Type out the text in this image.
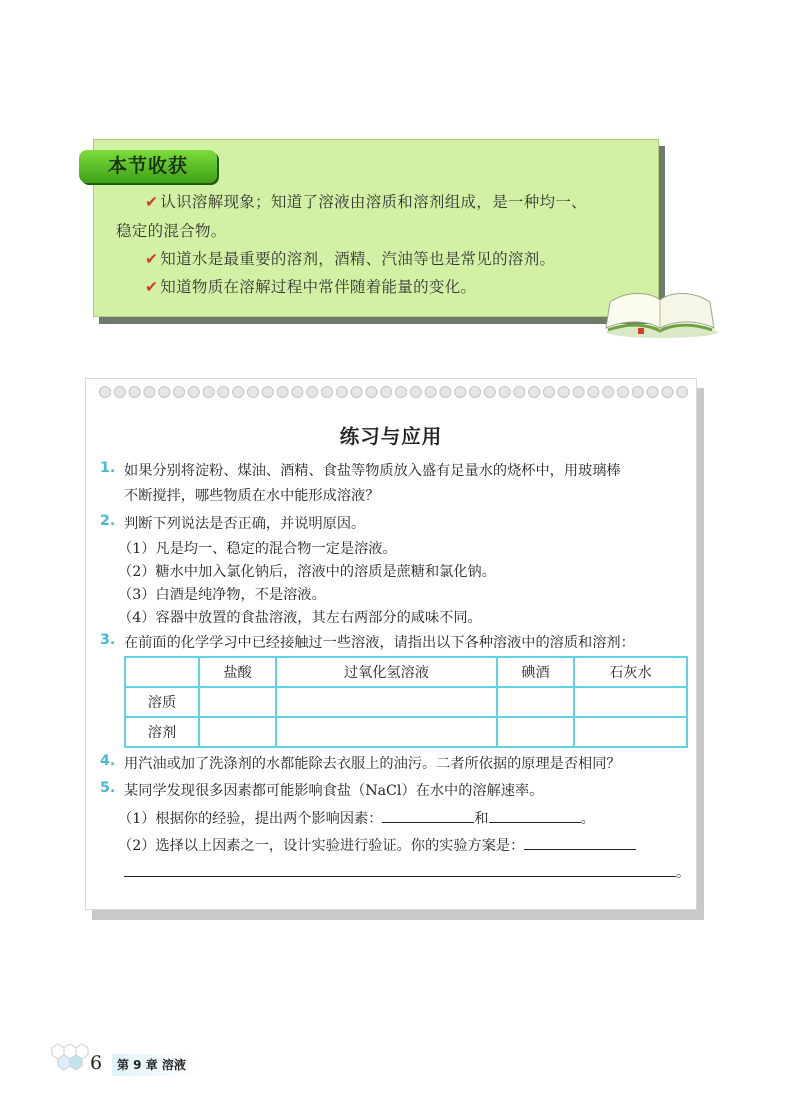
本节收获
✔ 认识溶解现象；知道了溶液由溶质和溶剂组成，是一种均一、
稳定的混合物。
✔ 知道水是最重要的溶剂，酒精、汽油等也是常见的溶剂。
✔ 知道物质在溶解过程中常伴随着能量的变化。
练习与应用
1. 如果分别将淀粉、煤油、酒精、食盐等物质放入盛有足量水的烧杯中，用玻璃棒
不断搅拌，哪些物质在水中能形成溶液？
2. 判断下列说法是否正确，并说明原因。
（1）凡是均一、稳定的混合物一定是溶液。
（2）糖水中加入氯化钠后，溶液中的溶质是蔗糖和氯化钠。
（3）白酒是纯净物，不是溶液。
（4）容器中放置的食盐溶液，其左右两部分的咸味不同。
3. 在前面的化学学习中已经接触过一些溶液，请指出以下各种溶液中的溶质和溶剂：
	盐酸	过氧化氢溶液	碘酒	石灰水
溶质				
溶剂				
4. 用汽油或加了洗涤剂的水都能除去衣服上的油污。二者所依据的原理是否相同？
5. 某同学发现很多因素都可能影响食盐（NaCl）在水中的溶解速率。
（1）根据你的经验，提出两个影响因素：	和	。
（2）选择以上因素之一，设计实验进行验证。你的实验方案是：
。
6 第 9 章 溶液
